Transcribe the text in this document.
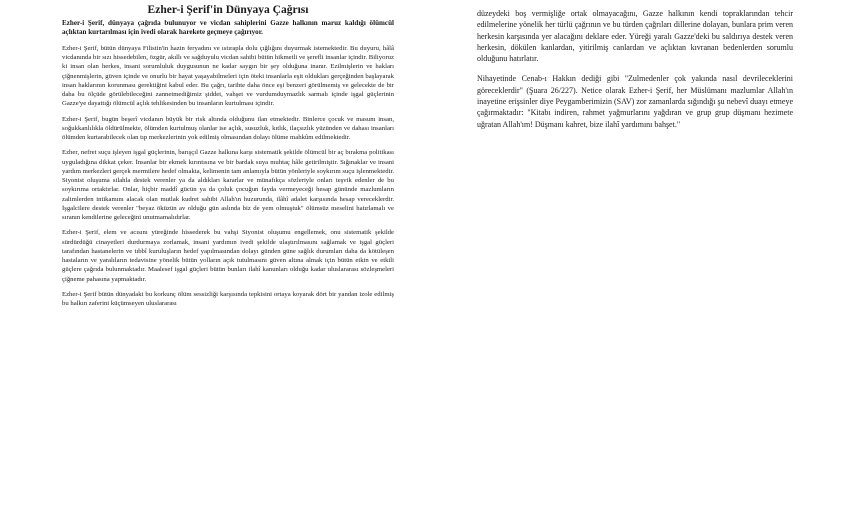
Ezher-i Şerif'in Dünyaya Çağrısı

Ezher-i Şerif, dünyaya çağrıda bulunuyor ve vicdan sahiplerini Gazze halkının maruz kaldığı ölümcül açlıktan kurtarılması için ivedi olarak harekete geçmeye çağırıyor.

Ezher-i Şerif, bütün dünyaya Filistin'in hazin feryadını ve ıstırapla dolu çığlığını duyurmak istemektedir. Bu duyuru, hâlâ vicdanında bir sızı hissedebilen, özgür, akıllı ve sağduyulu vicdan sahibi bütün hikmetli ve şerefli insanlar içindir. Biliyoruz ki insan olan herkes, insani sorumluluk duygusunun ne kadar saygın bir şey olduğuna inanır. Ezilmişlerin ve hakları çiğnenmişlerin, güven içinde ve onurlu bir hayat yaşayabilmeleri için öteki insanlarla eşit oldukları gerçeğinden başlayarak insan haklarının korunması gerektiğini kabul eder. Bu çağrı, tarihte daha önce eşi benzeri görülmemiş ve gelecekte de bir daha bu ölçüde görülebileceğini zannetmediğimiz şiddet, vahşet ve vurdumduymazlık sarmalı içinde işgal güçlerinin Gazze'ye dayattığı ölümcül açlık tehlikesinden bu insanların kurtulması içindir.

Ezher-i Şerif, bugün beşerî vicdanın büyük bir risk altında olduğunu ilan etmektedir. Binlerce çocuk ve masum insan, soğukkanlılıkla öldürülmekte, ölümden kurtulmuş olanlar ise açlık, susuzluk, kıtlık, ilaçsızlık yüzünden ve dahası insanları ölümden kurtarabilecek olan tıp merkezlerinin yok edilmiş olmasından dolayı ölüme mahkûm edilmektedir.

Ezher, nefret suçu işleyen işgal güçlerinin, barışçıl Gazze halkına karşı sistematik şekilde ölümcül bir aç bırakma politikası uyguladığına dikkat çeker. İnsanlar bir ekmek kırıntısına ve bir bardak suya muhtaç hâle getirilmiştir. Sığınaklar ve insani yardım merkezleri gerçek mermilere hedef olmakta, kelimenin tam anlamıyla bütün yönleriyle soykırım suçu işlenmektedir. Siyonist oluşuma silahla destek verenler ya da aldıkları kararlar ve münafıkça sözleriyle onları teşvik edenler de bu soykırıma ortaktırlar. Onlar, hiçbir maddî gücün ya da çoluk çocuğun fayda vermeyeceği hesap gününde mazlumların zalimlerden intikamını alacak olan mutlak kudret sahibi Allah'ın huzurunda, ilâhî adalet karşısında hesap vereceklerdir. İşgalcilere destek verenler "beyaz öküzün av olduğu gün aslında biz de yem olmuştuk" ölümsüz meselini hatırlamalı ve sıranın kendilerine geleceğini unutmamalıdırlar.

Ezher-i Şerif, elem ve acısını yüreğinde hissederek bu vahşi Siyonist oluşumu engellemek, onu sistematik şekilde sürdürdüğü cinayetleri durdurmaya zorlamak, insani yardımın ivedi şekilde ulaştırılmasını sağlamak ve işgal güçleri tarafından hastanelerin ve tıbbî kuruluşların hedef yapılmasından dolayı günden güne sağlık durumları daha da kötüleşen hastaların ve yaralıların tedavisine yönelik bütün yolların açık tutulmasını güven altına almak için bütün etkin ve etkili güçlere çağrıda bulunmaktadır. Maalesef işgal güçleri bütün bunları ilahî kanunları olduğu kadar uluslararası sözleşmeleri çiğneme pahasına yapmaktadır.

Ezher-i Şerif bütün dünyadaki bu korkunç ölüm sessizliği karşısında tepkisini ortaya koyarak dört bir yandan izole edilmiş bu halkın zaferini küçümseyen uluslararası

düzeydeki boş vermişliğe ortak olmayacağını, Gazze halkının kendi topraklarından tehcir edilmelerine yönelik her türlü çağrının ve bu türden çağrıları dillerine dolayan, bunlara prim veren herkesin karşısında yer alacağını deklare eder. Yüreği yaralı Gazze'deki bu saldırıya destek veren herkesin, dökülen kanlardan, yitirilmiş canlardan ve açlıktan kıvranan bedenlerden sorumlu olduğunu hatırlatır.

Nihayetinde Cenab-ı Hakkın dediği gibi "Zulmedenler çok yakında nasıl devrileceklerini göreceklerdir" (Şuara 26/227). Netice olarak Ezher-i Şerif, her Müslümanı mazlumlar Allah'ın inayetine erişsinler diye Peygamberimizin (SAV) zor zamanlarda sığındığı şu nebevî duayı etmeye çağırmaktadır: "Kitabı indiren, rahmet yağmurlarını yağdıran ve grup grup düşmanı hezimete uğratan Allah'ım! Düşmanı kahret, bize ilahî yardımını bahşet."
